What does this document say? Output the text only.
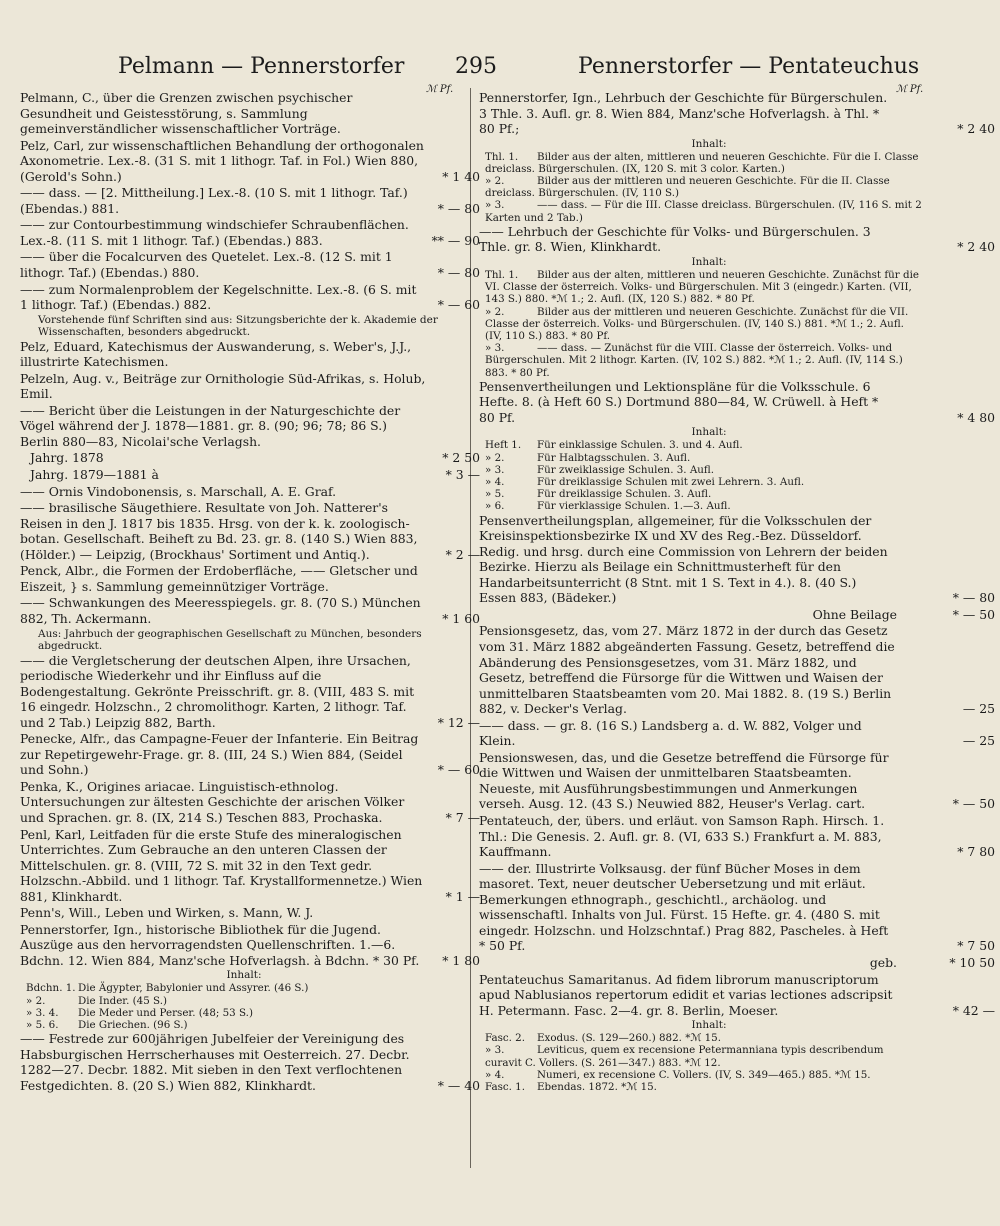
Pelmann — Pennerstorfer 295	Pennerstorfer — Pentateuchus
ℳ Pf.	ℳ Pf.
Pelmann, C., über die Grenzen zwischen psychischer Gesundheit und Geistesstörung, s. Sammlung gemeinverständlicher wissenschaftlicher Vorträge.
Pelz, Carl, zur wissenschaftlichen Behandlung der orthogonalen Axonometrie. Lex.-8. (31 S. mit 1 lithogr. Taf. in Fol.) Wien 880, (Gerold's Sohn.)	* 1 40
—— dass. — [2. Mittheilung.] Lex.-8. (10 S. mit 1 lithogr. Taf.) (Ebendas.) 881.	* — 80
—— zur Contourbestimmung windschiefer Schraubenflächen. Lex.-8. (11 S. mit 1 lithogr. Taf.) (Ebendas.) 883.	** — 90
—— über die Focalcurven des Quetelet. Lex.-8. (12 S. mit 1 lithogr. Taf.) (Ebendas.) 880.	* — 80
—— zum Normalenproblem der Kegelschnitte. Lex.-8. (6 S. mit 1 lithogr. Taf.) (Ebendas.) 882.	* — 60
Vorstehende fünf Schriften sind aus: Sitzungsberichte der k. Akademie der Wissenschaften, besonders abgedruckt.
Pelz, Eduard, Katechismus der Auswanderung, s. Weber's, J.J., illustrirte Katechismen.
Pelzeln, Aug. v., Beiträge zur Ornithologie Süd-Afrikas, s. Holub, Emil.
—— Bericht über die Leistungen in der Naturgeschichte der Vögel während der J. 1878—1881. gr. 8. (90; 96; 78; 86 S.) Berlin 880—83, Nicolai'sche Verlagsh.
Jahrg. 1878	* 2 50
Jahrg. 1879—1881 à	* 3 —
—— Ornis Vindobonensis, s. Marschall, A. E. Graf.
—— brasilische Säugethiere. Resultate von Joh. Natterer's Reisen in den J. 1817 bis 1835. Hrsg. von der k. k. zoologisch-botan. Gesellschaft. Beiheft zu Bd. 23. gr. 8. (140 S.) Wien 883, (Hölder.) — Leipzig, (Brockhaus' Sortiment und Antiq.).	* 2 —
Penck, Albr., die Formen der Erdoberfläche, —— Gletscher und Eiszeit, } s. Sammlung gemeinnütziger Vorträge.
—— Schwankungen des Meeresspiegels. gr. 8. (70 S.) München 882, Th. Ackermann.	* 1 60
Aus: Jahrbuch der geographischen Gesellschaft zu München, besonders abgedruckt.
—— die Vergletscherung der deutschen Alpen, ihre Ursachen, periodische Wiederkehr und ihr Einfluss auf die Bodengestaltung. Gekrönte Preisschrift. gr. 8. (VIII, 483 S. mit 16 eingedr. Holzschn., 2 chromolithogr. Karten, 2 lithogr. Taf. und 2 Tab.) Leipzig 882, Barth.	* 12 —
Penecke, Alfr., das Campagne-Feuer der Infanterie. Ein Beitrag zur Repetirgewehr-Frage. gr. 8. (III, 24 S.) Wien 884, (Seidel und Sohn.)	* — 60
Penka, K., Origines ariacae. Linguistisch-ethnolog. Untersuchungen zur ältesten Geschichte der arischen Völker und Sprachen. gr. 8. (IX, 214 S.) Teschen 883, Prochaska.	* 7 —
Penl, Karl, Leitfaden für die erste Stufe des mineralogischen Unterrichtes. Zum Gebrauche an den unteren Classen der Mittelschulen. gr. 8. (VIII, 72 S. mit 32 in den Text gedr. Holzschn.-Abbild. und 1 lithogr. Taf. Krystallformennetze.) Wien 881, Klinkhardt.	* 1 —
Penn's, Will., Leben und Wirken, s. Mann, W. J.
Pennerstorfer, Ign., historische Bibliothek für die Jugend. Auszüge aus den hervorragendsten Quellenschriften. 1.—6. Bdchn. 12. Wien 884, Manz'sche Hofverlagsh. à Bdchn. * 30 Pf.	* 1 80
Inhalt:
Bdchn. 1. Die Ägypter, Babylonier und Assyrer. (46 S.)
» 2.	Die Inder. (45 S.)
» 3. 4. Die Meder und Perser. (48; 53 S.)
» 5. 6. Die Griechen. (96 S.)
—— Festrede zur 600jährigen Jubelfeier der Vereinigung des Habsburgischen Herrscherhauses mit Oesterreich. 27. Decbr. 1282—27. Decbr. 1882. Mit sieben in den Text verflochtenen Festgedichten. 8. (20 S.) Wien 882, Klinkhardt.	* — 40
Pennerstorfer, Ign., Lehrbuch der Geschichte für Bürgerschulen. 3 Thle. 3. Aufl. gr. 8. Wien 884, Manz'sche Hofverlagsh. à Thl. * 80 Pf.;	* 2 40
Inhalt:
Thl. 1. Bilder aus der alten, mittleren und neueren Geschichte. Für die I. Classe dreiclass. Bürgerschulen. (IX, 120 S. mit 3 color. Karten.)
» 2.	Bilder aus der mittleren und neueren Geschichte. Für die II. Classe dreiclass. Bürgerschulen. (IV, 110 S.)
» 3.	—— dass. — Für die III. Classe dreiclass. Bürgerschulen. (IV, 116 S. mit 2 Karten und 2 Tab.)
—— Lehrbuch der Geschichte für Volks- und Bürgerschulen. 3 Thle. gr. 8. Wien, Klinkhardt.	* 2 40
Inhalt:
Thl. 1. Bilder aus der alten, mittleren und neueren Geschichte. Zunächst für die VI. Classe der österreich. Volks- und Bürgerschulen. Mit 3 (eingedr.) Karten. (VII, 143 S.) 880. *ℳ 1.; 2. Aufl. (IX, 120 S.) 882. * 80 Pf.
» 2.	Bilder aus der mittleren und neueren Geschichte. Zunächst für die VII. Classe der österreich. Volks- und Bürgerschulen. (IV, 140 S.) 881. *ℳ 1.; 2. Aufl. (IV, 110 S.) 883. * 80 Pf.
» 3.	—— dass. — Zunächst für die VIII. Classe der österreich. Volks- und Bürgerschulen. Mit 2 lithogr. Karten. (IV, 102 S.) 882. *ℳ 1.; 2. Aufl. (IV, 114 S.) 883. * 80 Pf.
Pensenvertheilungen und Lektionspläne für die Volksschule. 6 Hefte. 8. (à Heft 60 S.) Dortmund 880—84, W. Crüwell. à Heft * 80 Pf.	* 4 80
Inhalt:
Heft 1. Für einklassige Schulen. 3. und 4. Aufl.
» 2.	Für Halbtagsschulen. 3. Aufl.
» 3.	Für zweiklassige Schulen. 3. Aufl.
» 4.	Für dreiklassige Schulen mit zwei Lehrern. 3. Aufl.
» 5.	Für dreiklassige Schulen. 3. Aufl.
» 6.	Für vierklassige Schulen. 1.—3. Aufl.
Pensenvertheilungsplan, allgemeiner, für die Volksschulen der Kreisinspektionsbezirke IX und XV des Reg.-Bez. Düsseldorf. Redig. und hrsg. durch eine Commission von Lehrern der beiden Bezirke. Hierzu als Beilage ein Schnittmusterheft für den Handarbeitsunterricht (8 Stnt. mit 1 S. Text in 4.). 8. (40 S.) Essen 883, (Bädeker.)	* — 80
Ohne Beilage	* — 50
Pensionsgesetz, das, vom 27. März 1872 in der durch das Gesetz vom 31. März 1882 abgeänderten Fassung. Gesetz, betreffend die Abänderung des Pensionsgesetzes, vom 31. März 1882, und Gesetz, betreffend die Fürsorge für die Wittwen und Waisen der unmittelbaren Staatsbeamten vom 20. Mai 1882. 8. (19 S.) Berlin 882, v. Decker's Verlag.	— 25
—— dass. — gr. 8. (16 S.) Landsberg a. d. W. 882, Volger und Klein.	— 25
Pensionswesen, das, und die Gesetze betreffend die Fürsorge für die Wittwen und Waisen der unmittelbaren Staatsbeamten. Neueste, mit Ausführungsbestimmungen und Anmerkungen verseh. Ausg. 12. (43 S.) Neuwied 882, Heuser's Verlag. cart.	* — 50
Pentateuch, der, übers. und erläut. von Samson Raph. Hirsch. 1. Thl.: Die Genesis. 2. Aufl. gr. 8. (VI, 633 S.) Frankfurt a. M. 883, Kauffmann.	* 7 80
—— der. Illustrirte Volksausg. der fünf Bücher Moses in dem masoret. Text, neuer deutscher Uebersetzung und mit erläut. Bemerkungen ethnograph., geschichtl., archäolog. und wissenschaftl. Inhalts von Jul. Fürst. 15 Hefte. gr. 4. (480 S. mit eingedr. Holzschn. und Holzschntaf.) Prag 882, Pascheles. à Heft * 50 Pf.	* 7 50
geb.	* 10 50
Pentateuchus Samaritanus. Ad fidem librorum manuscriptorum apud Nablusianos repertorum edidit et varias lectiones adscripsit H. Petermann. Fasc. 2—4. gr. 8. Berlin, Moeser.	* 42 —
Inhalt:
Fasc. 2. Exodus. (S. 129—260.) 882. *ℳ 15.
» 3.	Leviticus, quem ex recensione Petermanniana typis describendum curavit C. Vollers. (S. 261—347.) 883. *ℳ 12.
» 4.	Numeri, ex recensione C. Vollers. (IV, S. 349—465.) 885. *ℳ 15.
Fasc. 1. Ebendas. 1872. *ℳ 15.
